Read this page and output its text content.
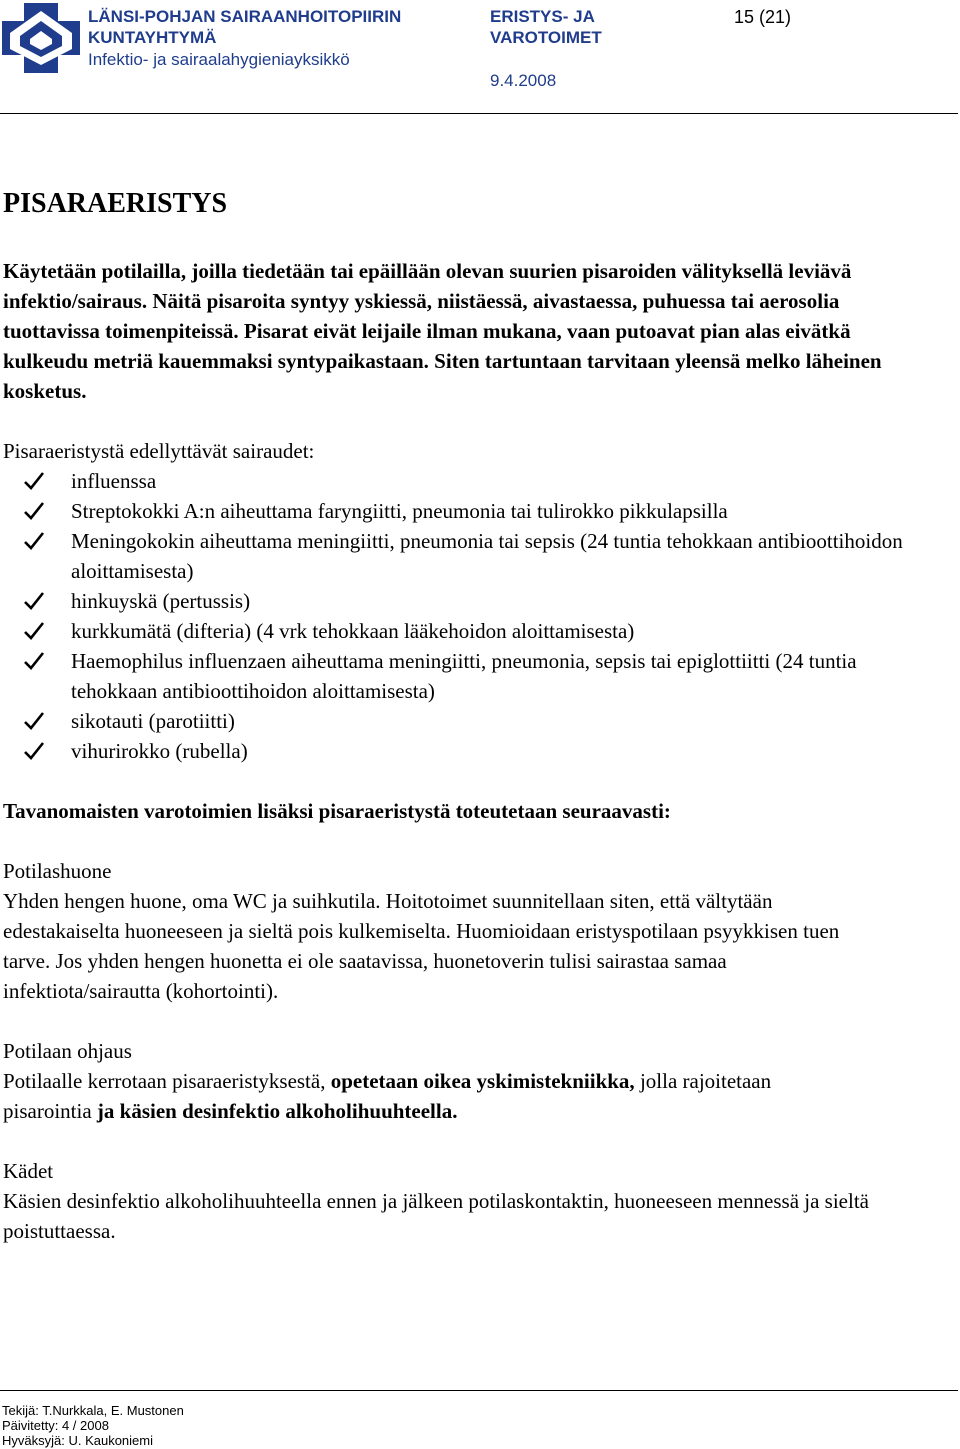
LÄNSI-POHJAN SAIRAANHOITOPIIRIN
KUNTAYHTYMÄ
Infektio- ja sairaalahygieniayksikkö
ERISTYS- JA
VAROTOIMET
9.4.2008
15 (21)
PISARAERISTYS
Käytetään potilailla, joilla tiedetään tai epäillään olevan suurien pisaroiden välityksellä leviävä infektio/sairaus. Näitä pisaroita syntyy yskiessä, niistäessä, aivastaessa, puhuessa tai aerosolia tuottavissa toimenpiteissä. Pisarat eivät leijaile ilman mukana, vaan putoavat pian alas eivätkä kulkeudu metriä kauemmaksi syntypaikastaan. Siten tartuntaan tarvitaan yleensä melko läheinen kosketus.
Pisaraeristystä edellyttävät sairaudet:
influenssa
Streptokokki A:n aiheuttama faryngiitti, pneumonia tai tulirokko pikkulapsilla
Meningokokin aiheuttama meningiitti, pneumonia tai sepsis (24 tuntia tehokkaan antibioottihoidon aloittamisesta)
hinkuyskä (pertussis)
kurkkumätä (difteria) (4 vrk tehokkaan lääkehoidon aloittamisesta)
Haemophilus influenzaen aiheuttama meningiitti, pneumonia, sepsis tai epiglottiitti (24 tuntia tehokkaan antibioottihoidon aloittamisesta)
sikotauti (parotiitti)
vihurirokko (rubella)
Tavanomaisten varotoimien lisäksi pisaraeristystä toteutetaan seuraavasti:
Potilashuone
Yhden hengen huone, oma WC ja suihkutila. Hoitotoimet suunnitellaan siten, että vältytään edestakaiselta huoneeseen ja sieltä pois kulkemiselta. Huomioidaan eristyspotilaan psyykkisen tuen tarve. Jos yhden hengen huonetta ei ole saatavissa, huonetoverin tulisi sairastaa samaa infektiota/sairautta (kohortointi).
Potilaan ohjaus
Potilaalle kerrotaan pisaraeristyksestä, opetetaan oikea yskimistekniikka, jolla rajoitetaan pisarointia ja käsien desinfektio alkoholihuuhteella.
Kädet
Käsien desinfektio alkoholihuuhteella ennen ja jälkeen potilaskontaktin, huoneeseen mennessä ja sieltä poistuttaessa.
Tekijä: T.Nurkkala, E. Mustonen
Päivitetty: 4 / 2008
Hyväksyjä: U. Kaukoniemi
